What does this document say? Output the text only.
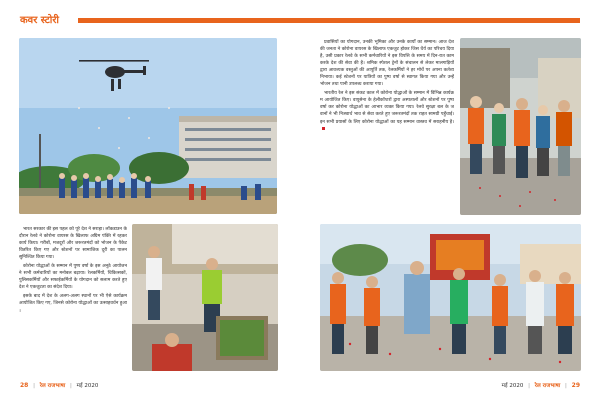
कवर स्टोरी

प्रवासियों का योगदान, उनकी भूमिका और उनके कार्यों का सम्मान। आज देश की जनता ने कोरोना वायरस के खिलाफ एकजुट होकर जिस धैर्य का परिचय दिया है, उसी प्रकार रेलवे के सभी कर्मचारियों ने इस विपत्ति के समय में दिन-रात काम करके देश की सेवा की है। श्रमिक स्पेशल ट्रेनों के संचालन से लेकर मालगाड़ियों द्वारा आवश्यक वस्तुओं की आपूर्ति तक, रेलकर्मियों ने हर मोर्चे पर अपना कर्तव्य निभाया। कई स्टेशनों पर यात्रियों का पुष्प वर्षा से स्वागत किया गया और उन्हें भोजन तथा पानी उपलब्ध कराया गया।

भारतीय रेल ने इस संकट काल में कोरोना योद्धाओं के सम्मान में विभिन्न कार्यक्रम आयोजित किए। वायुसेना के हेलीकॉप्टरों द्वारा अस्पतालों और स्टेशनों पर पुष्प वर्षा कर कोरोना योद्धाओं का आभार व्यक्त किया गया। रेलवे सुरक्षा बल के जवानों ने भी निःस्वार्थ भाव से सेवा करते हुए जरूरतमंदों तक राहत सामग्री पहुँचाई। इन सभी प्रयासों के लिए कोरोना योद्धाओं का यह सम्मान वास्तव में सराहनीय है।

भारत सरकार की इस पहल को पूरे देश ने सराहा। लॉकडाउन के दौरान रेलवे ने कोरोना वायरस के खिलाफ अग्रिम पंक्ति में रहकर कार्य किया। गरीबों, मजदूरों और जरूरतमंदों को भोजन के पैकेट वितरित किए गए और स्टेशनों पर सामाजिक दूरी का पालन सुनिश्चित किया गया।

कोरोना योद्धाओं के सम्मान में पुष्प वर्षा के इस अनूठे आयोजन ने सभी कर्मचारियों का मनोबल बढ़ाया। रेलकर्मियों, चिकित्सकों, पुलिसकर्मियों और सफाईकर्मियों के योगदान को सलाम करते हुए देश ने एकजुटता का संदेश दिया।

इसके बाद में देश के अलग-अलग स्थानों पर भी ऐसे कार्यक्रम आयोजित किए गए, जिनसे कोरोना योद्धाओं का उत्साहवर्धन हुआ।

28 | रेल राजभाषा | मई 2020	मई 2020 | रेल राजभाषा | 29
